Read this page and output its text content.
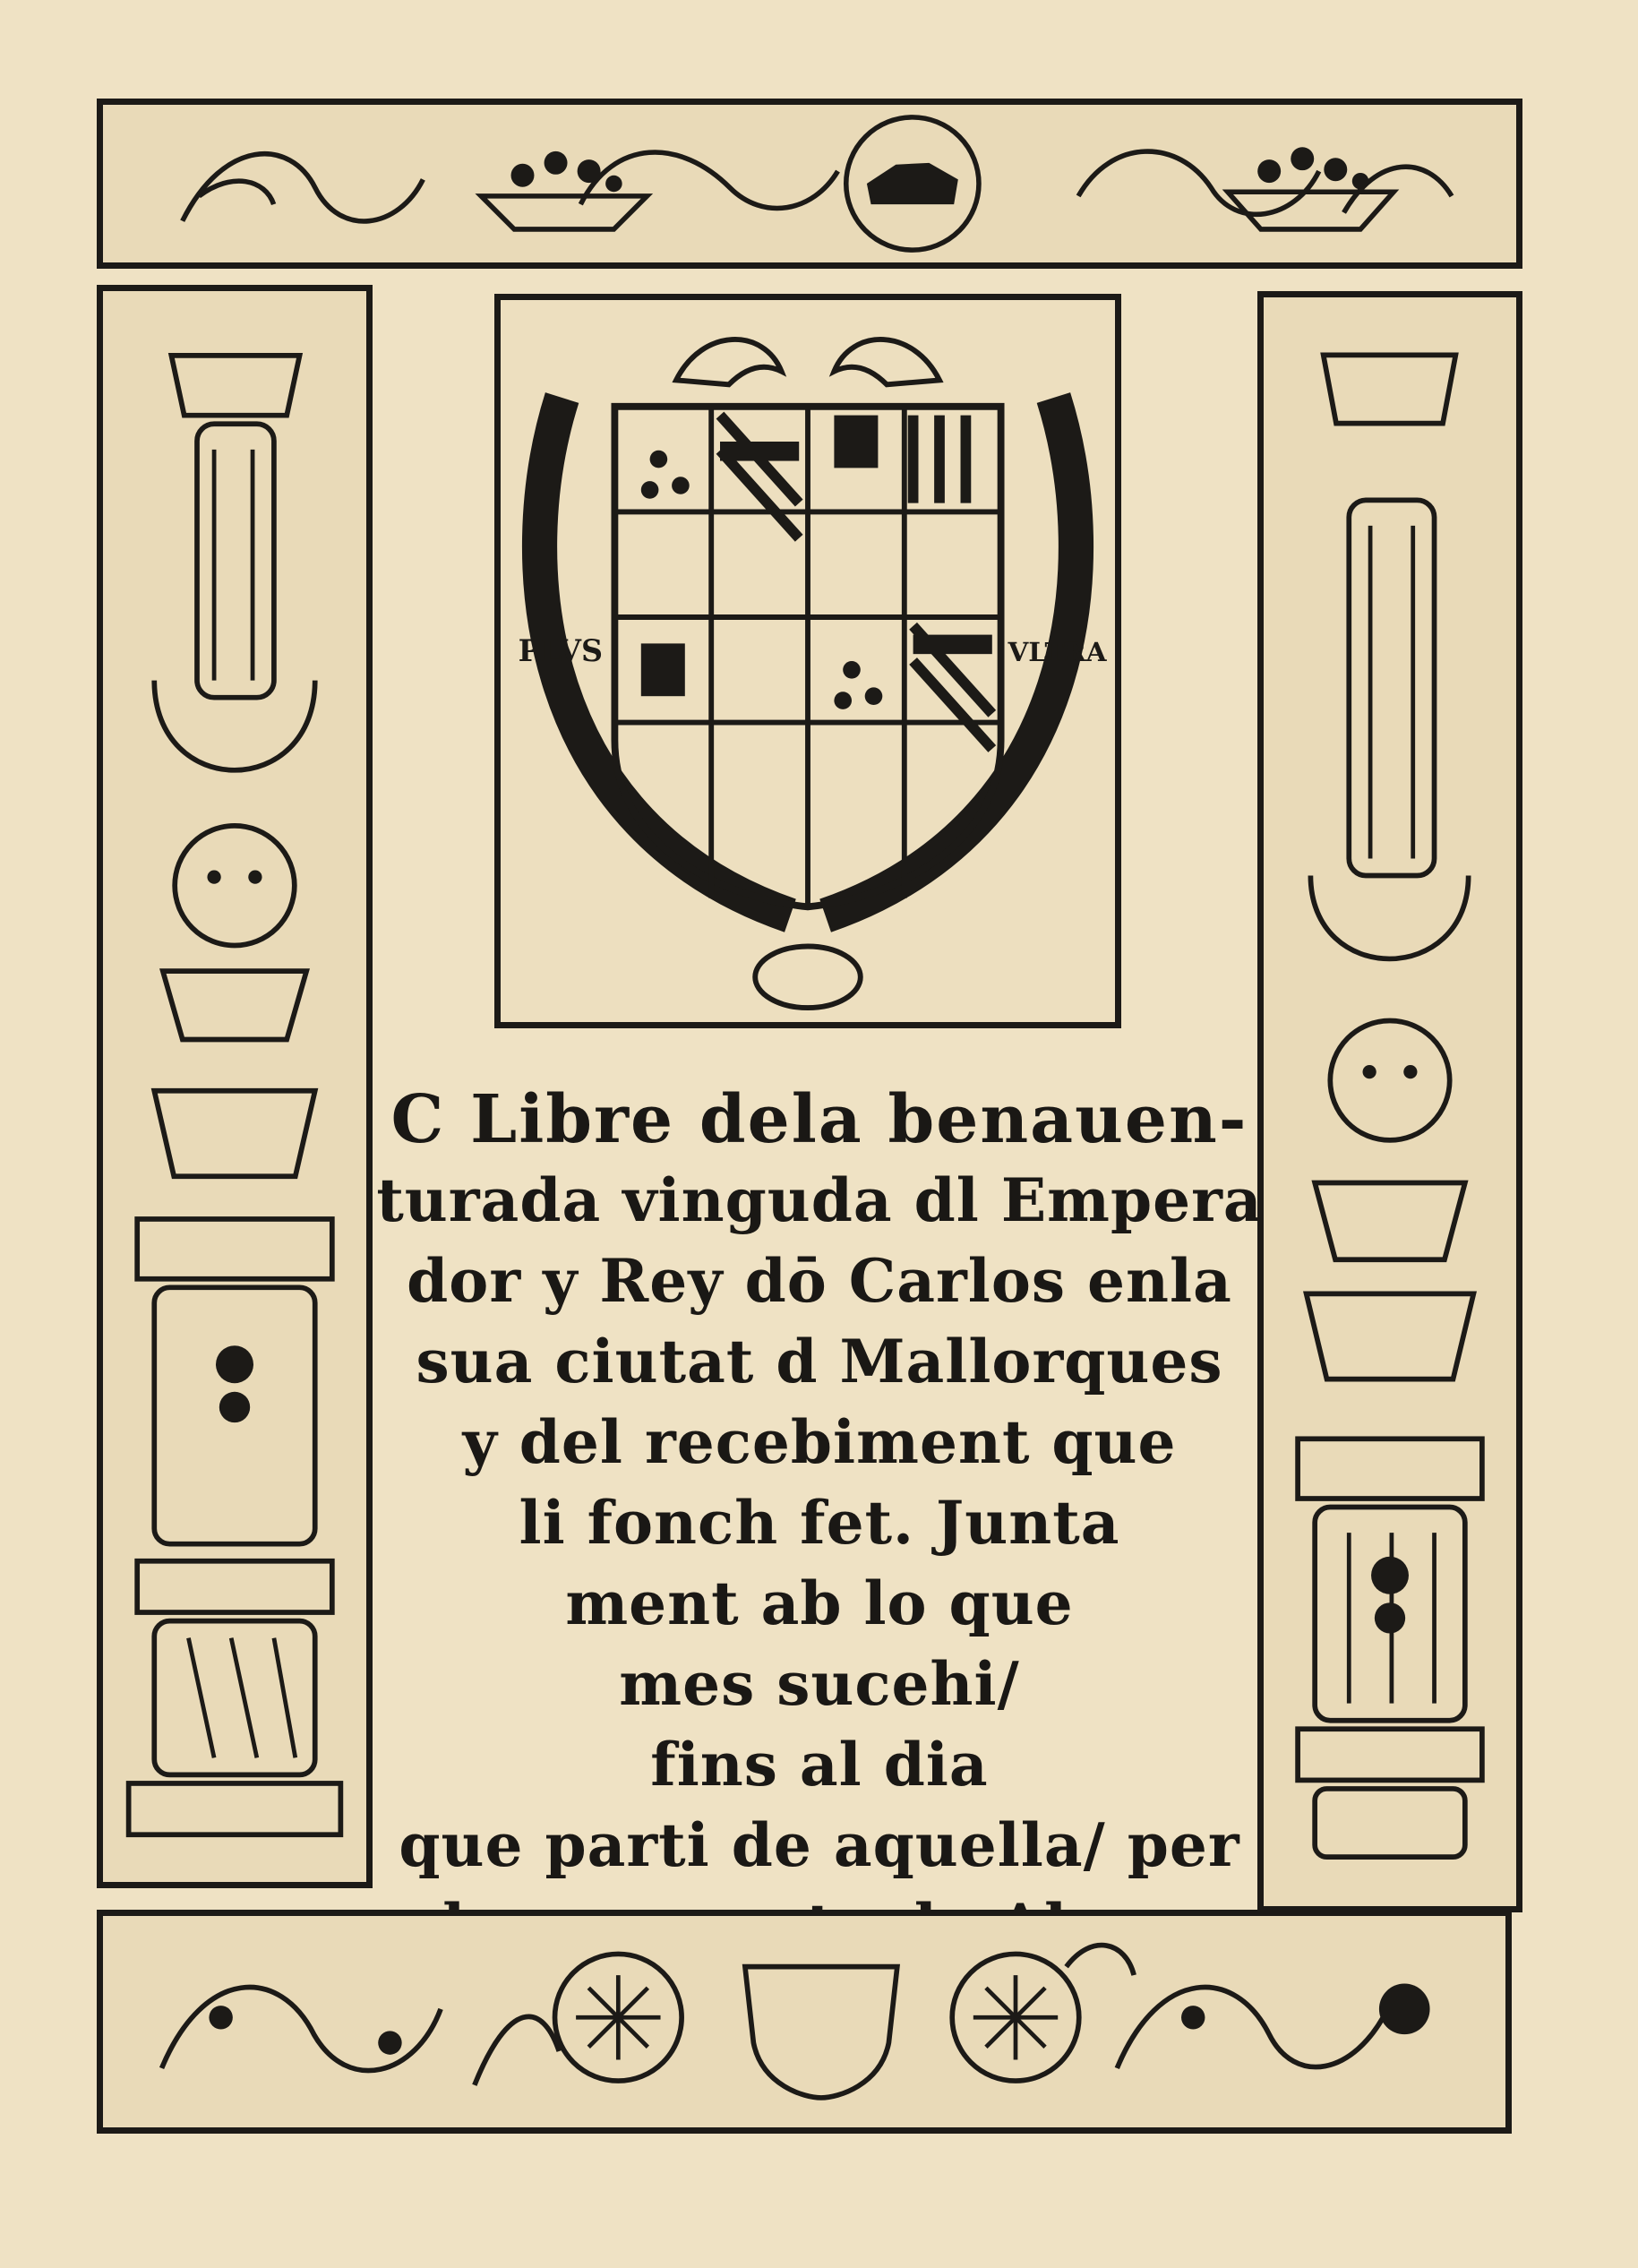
PLVS	VLTRA
C Libre dela benauen-
turada vinguda dl Empera
dor y Rey dō Carlos enla
sua ciutat d Mallorques
y del recebiment que
li fonch fet. Junta
ment ab lo que
mes sucehi/
fins al dia
que parti de aquella/ per
